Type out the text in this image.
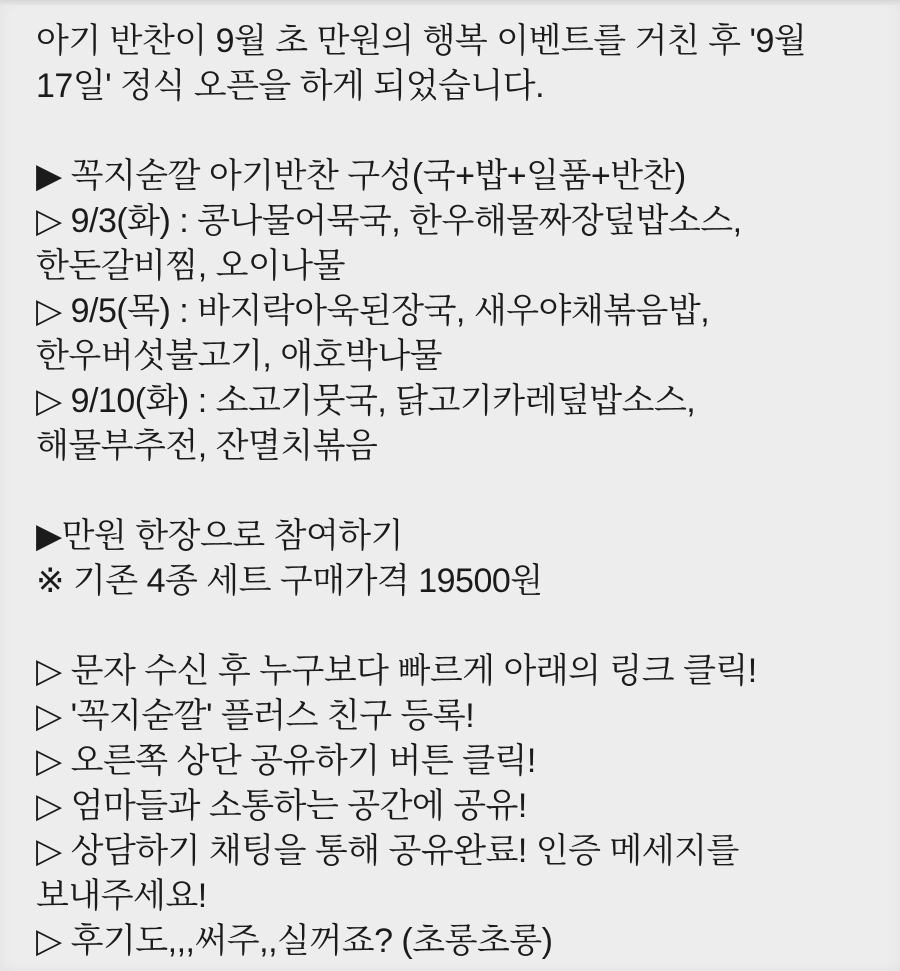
아기 반찬이 9월 초 만원의 행복 이벤트를 거친 후 '9월
17일' 정식 오픈을 하게 되었습니다.
▶ 꼭지숟깔 아기반찬 구성(국+밥+일품+반찬)
▷ 9/3(화) : 콩나물어묵국, 한우해물짜장덮밥소스,
한돈갈비찜, 오이나물
▷ 9/5(목) : 바지락아욱된장국, 새우야채볶음밥,
한우버섯불고기, 애호박나물
▷ 9/10(화) : 소고기뭇국, 닭고기카레덮밥소스,
해물부추전, 잔멸치볶음
▶만원 한장으로 참여하기
※ 기존 4종 세트 구매가격 19500원
▷ 문자 수신 후 누구보다 빠르게 아래의 링크 클릭!
▷ '꼭지숟깔' 플러스 친구 등록!
▷ 오른쪽 상단 공유하기 버튼 클릭!
▷ 엄마들과 소통하는 공간에 공유!
▷ 상담하기 채팅을 통해 공유완료! 인증 메세지를
보내주세요!
▷ 후기도,,,써주,,실꺼죠? (초롱초롱)
